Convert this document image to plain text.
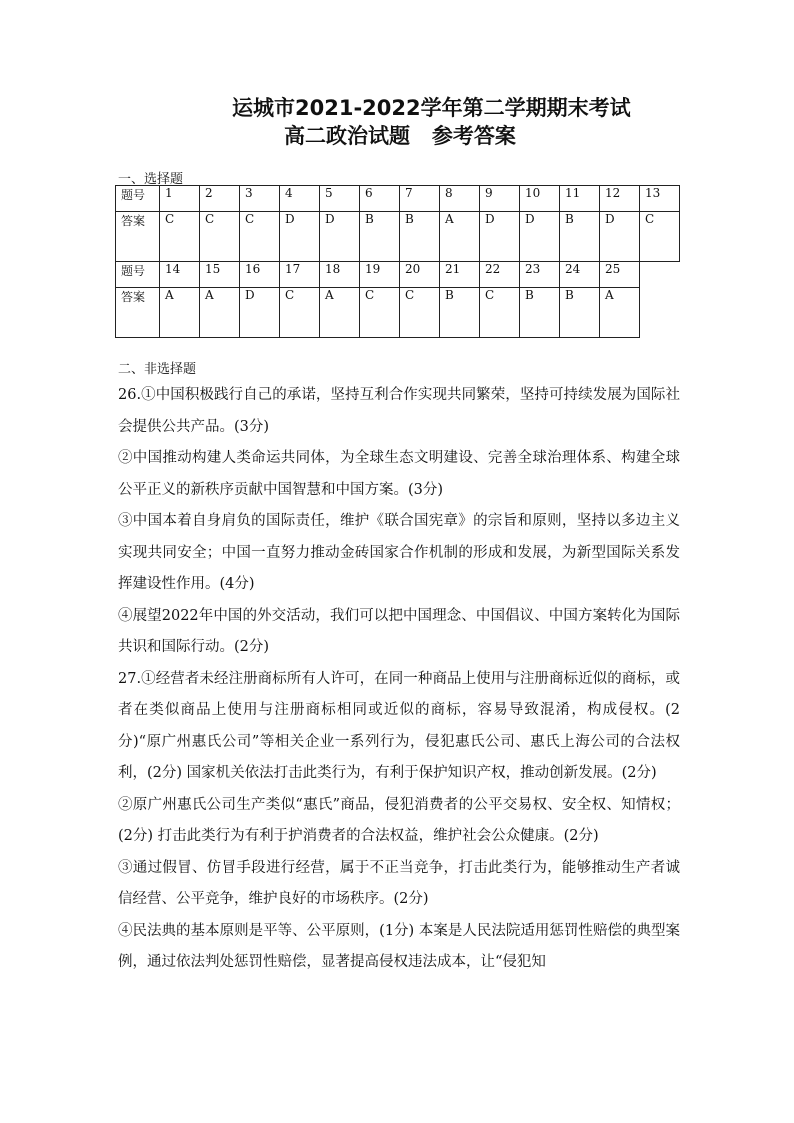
运城市2021-2022学年第二学期期末考试
高二政治试题   参考答案
一、选择题
题号	1	2	3	4	5	6	7	8	9	10	11	12	13
答案	C	C	C	D	D	B	B	A	D	D	B	D	C
题号	14	15	16	17	18	19	20	21	22	23	24	25
答案	A	A	D	C	A	C	C	B	C	B	B	A
二、非选择题

26.①中国积极践行自己的承诺，坚持互利合作实现共同繁荣，坚持可持续发展为国际社会提供公共产品。(3分)

②中国推动构建人类命运共同体，为全球生态文明建设、完善全球治理体系、构建全球公平正义的新秩序贡献中国智慧和中国方案。(3分)

③中国本着自身肩负的国际责任，维护《联合国宪章》的宗旨和原则，坚持以多边主义实现共同安全；中国一直努力推动金砖国家合作机制的形成和发展，为新型国际关系发挥建设性作用。(4分)

④展望2022年中国的外交活动，我们可以把中国理念、中国倡议、中国方案转化为国际共识和国际行动。(2分)

27.①经营者未经注册商标所有人许可，在同一种商品上使用与注册商标近似的商标，或者在类似商品上使用与注册商标相同或近似的商标，容易导致混淆，构成侵权。(2分)“原广州惠氏公司”等相关企业一系列行为，侵犯惠氏公司、惠氏上海公司的合法权利，(2分) 国家机关依法打击此类行为，有利于保护知识产权，推动创新发展。(2分)

②原广州惠氏公司生产类似“惠氏”商品，侵犯消费者的公平交易权、安全权、知情权；(2分) 打击此类行为有利于护消费者的合法权益，维护社会公众健康。(2分)

③通过假冒、仿冒手段进行经营，属于不正当竞争，打击此类行为，能够推动生产者诚信经营、公平竞争，维护良好的市场秩序。(2分)

④民法典的基本原则是平等、公平原则，(1分) 本案是人民法院适用惩罚性赔偿的典型案例，通过依法判处惩罚性赔偿，显著提高侵权违法成本，让“侵犯知
